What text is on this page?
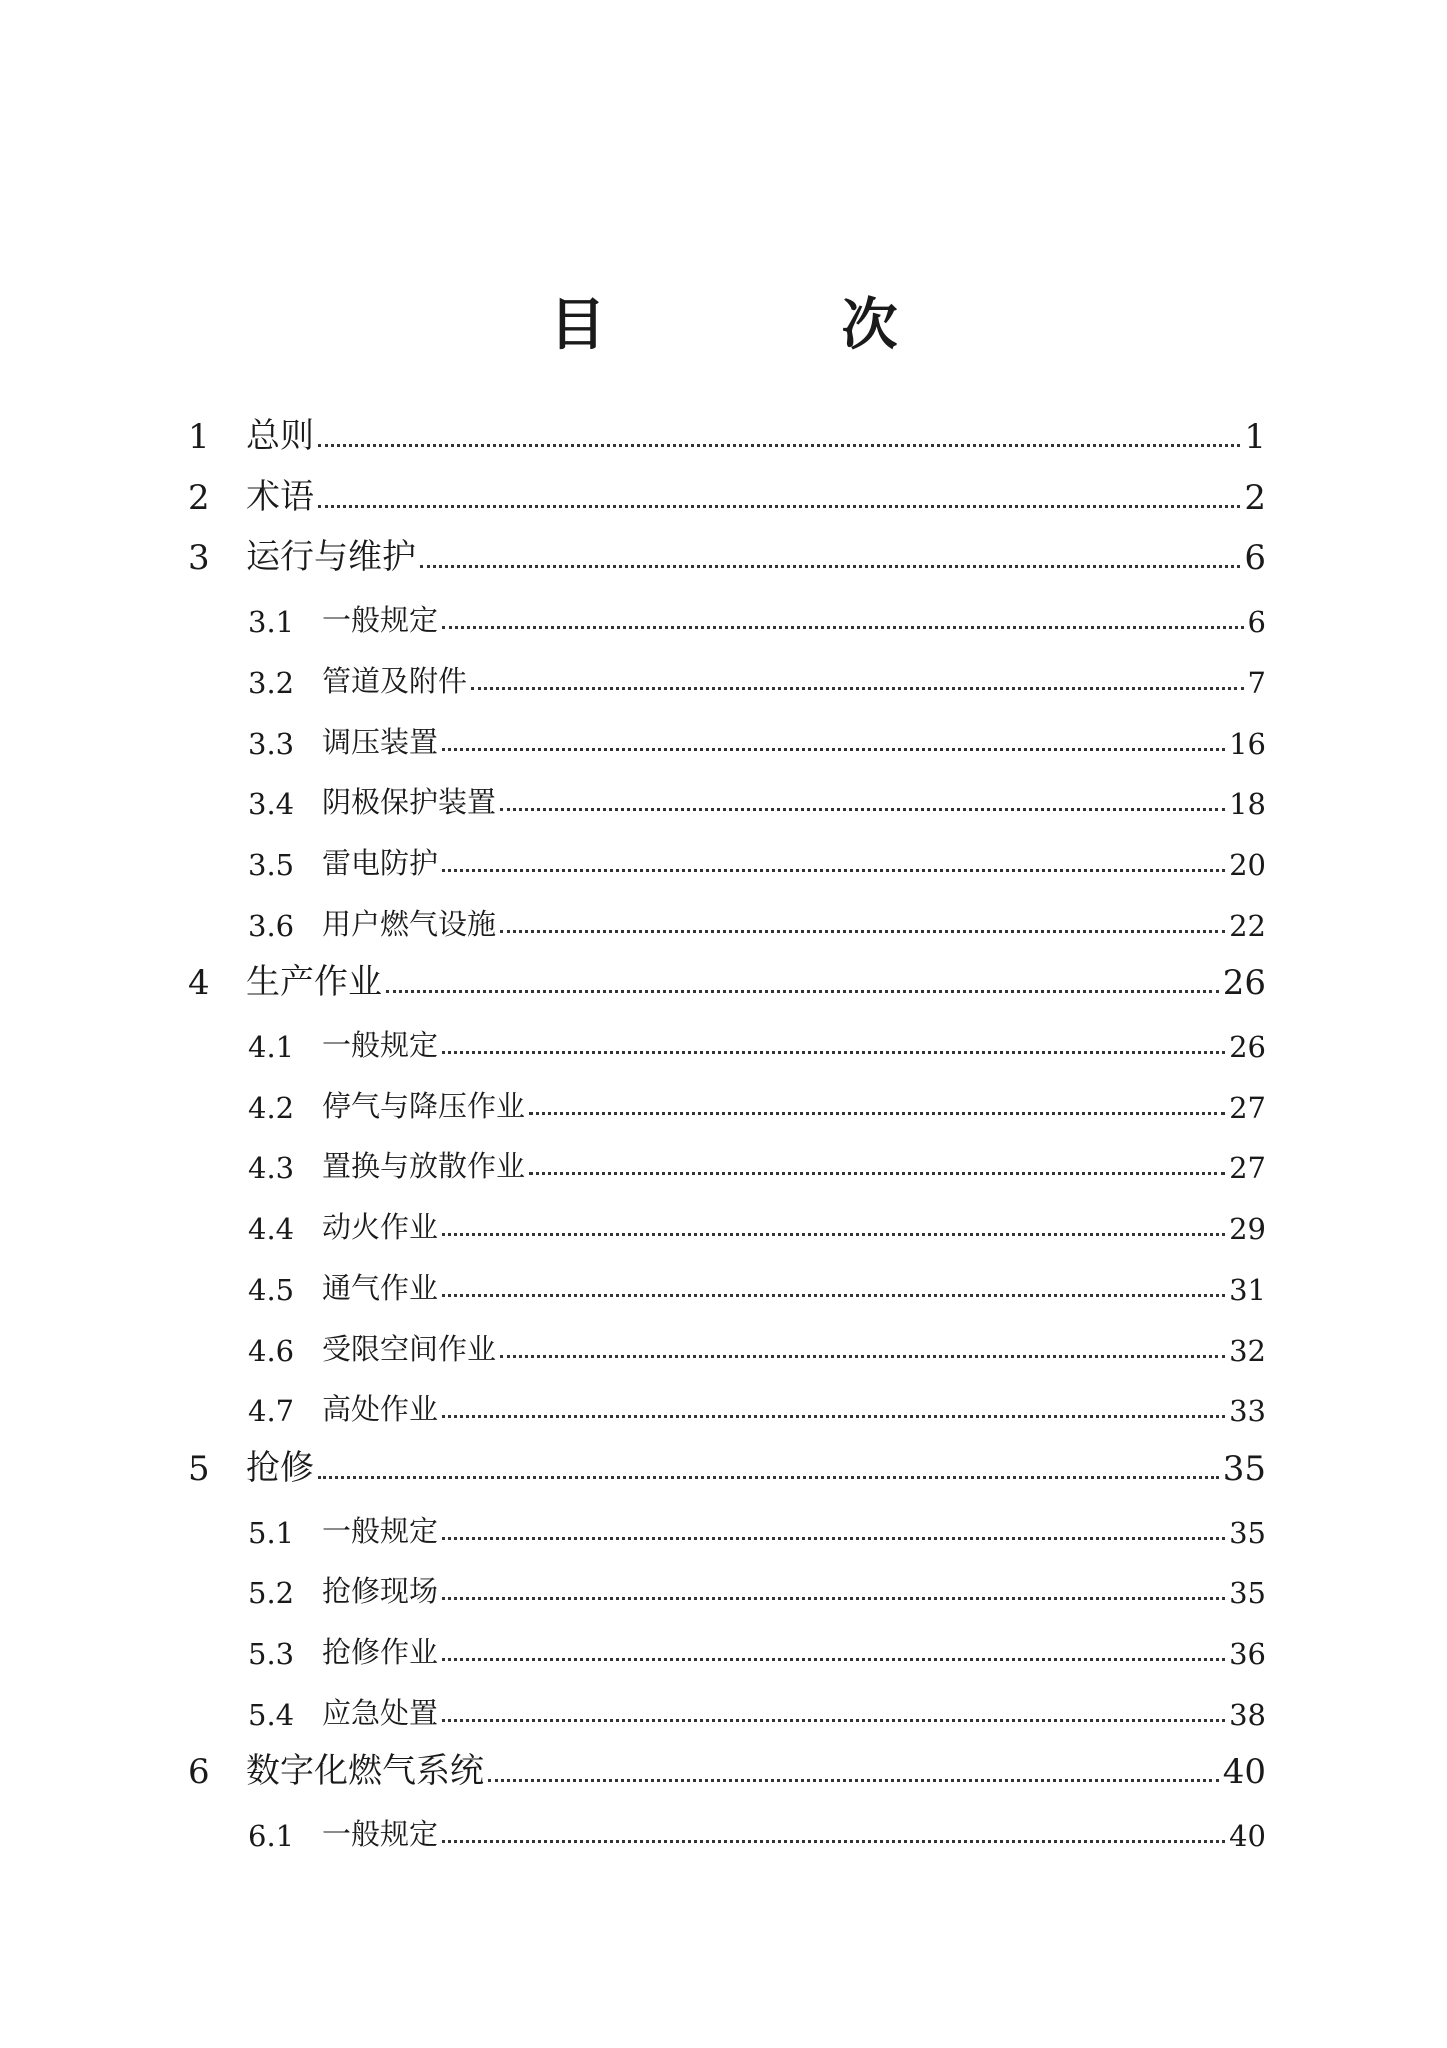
目　次
1	总则	1
2	术语	2
3	运行与维护	6
3.1 一般规定	6
3.2 管道及附件	7
3.3 调压装置	16
3.4 阴极保护装置	18
3.5 雷电防护	20
3.6 用户燃气设施	22
4	生产作业	26
4.1 一般规定	26
4.2 停气与降压作业	27
4.3 置换与放散作业	27
4.4 动火作业	29
4.5 通气作业	31
4.6 受限空间作业	32
4.7 高处作业	33
5	抢修	35
5.1 一般规定	35
5.2 抢修现场	35
5.3 抢修作业	36
5.4 应急处置	38
6	数字化燃气系统	40
6.1 一般规定	40
